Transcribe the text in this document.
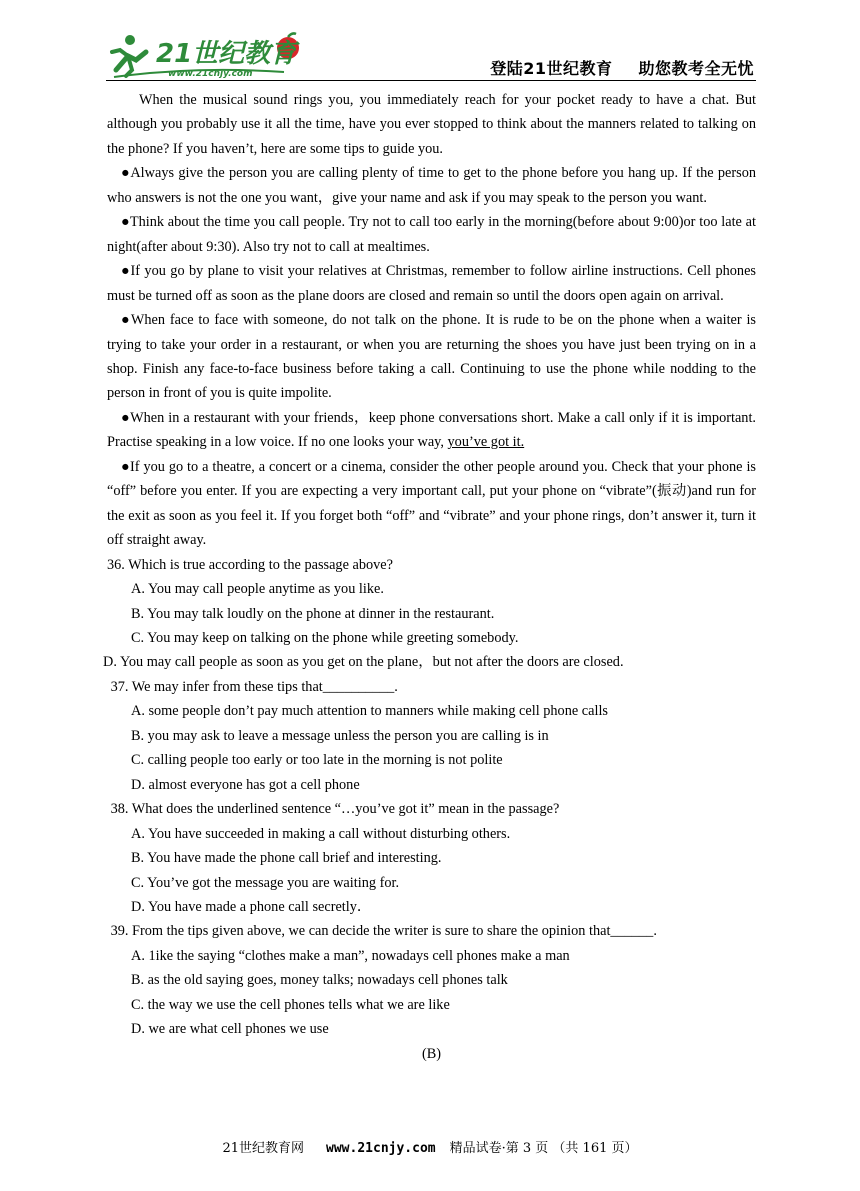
21世纪教育
www.21cnjy.com	登陆21世纪教育 助您教考全无忧

When the musical sound rings you, you immediately reach for your pocket ready to have a chat. But although you probably use it all the time, have you ever stopped to think about the manners related to talking on the phone? If you haven’t, here are some tips to guide you.

●Always give the person you are calling plenty of time to get to the phone before you hang up. If the person who answers is not the one you want，give your name and ask if you may speak to the person you want.

●Think about the time you call people. Try not to call too early in the morning(before about 9:00)or too late at night(after about 9:30). Also try not to call at mealtimes.

●If you go by plane to visit your relatives at Christmas, remember to follow airline instructions. Cell phones must be turned off as soon as the plane doors are closed and remain so until the doors open again on arrival.

●When face to face with someone, do not talk on the phone. It is rude to be on the phone when a waiter is trying to take your order in a restaurant, or when you are returning the shoes you have just been trying on in a shop. Finish any face-to-face business before taking a call. Continuing to use the phone while nodding to the person in front of you is quite impolite.

●When in a restaurant with your friends，keep phone conversations short. Make a call only if it is important. Practise speaking in a low voice. If no one looks your way, you’ve got it.

●If you go to a theatre, a concert or a cinema, consider the other people around you. Check that your phone is “off” before you enter. If you are expecting a very important call, put your phone on “vibrate”(振动)and run for the exit as soon as you feel it. If you forget both “off” and “vibrate” and your phone rings, don’t answer it, turn it off straight away.

36. Which is true according to the passage above?

A. You may call people anytime as you like.

B. You may talk loudly on the phone at dinner in the restaurant.

C. You may keep on talking on the phone while greeting somebody.

D. You may call people as soon as you get on the plane，but not after the doors are closed.

37. We may infer from these tips that__________.

A. some people don’t pay much attention to manners while making cell phone calls

B. you may ask to leave a message unless the person you are calling is in

C. calling people too early or too late in the morning is not polite

D. almost everyone has got a cell phone

38. What does the underlined sentence “…you’ve got it” mean in the passage?

A. You have succeeded in making a call without disturbing others.

B. You have made the phone call brief and interesting.

C. You’ve got the message you are waiting for.

D. You have made a phone call secretly．

39. From the tips given above, we can decide the writer is sure to share the opinion that______.

A. 1ike the saying “clothes make a man”, nowadays cell phones make a man

B. as the old saying goes, money talks; nowadays cell phones talk

C. the way we use the cell phones tells what we are like

D. we are what cell phones we use

(B)

21世纪教育网 www.21cnjy.com 精品试卷·第 3 页 （共 161 页）
